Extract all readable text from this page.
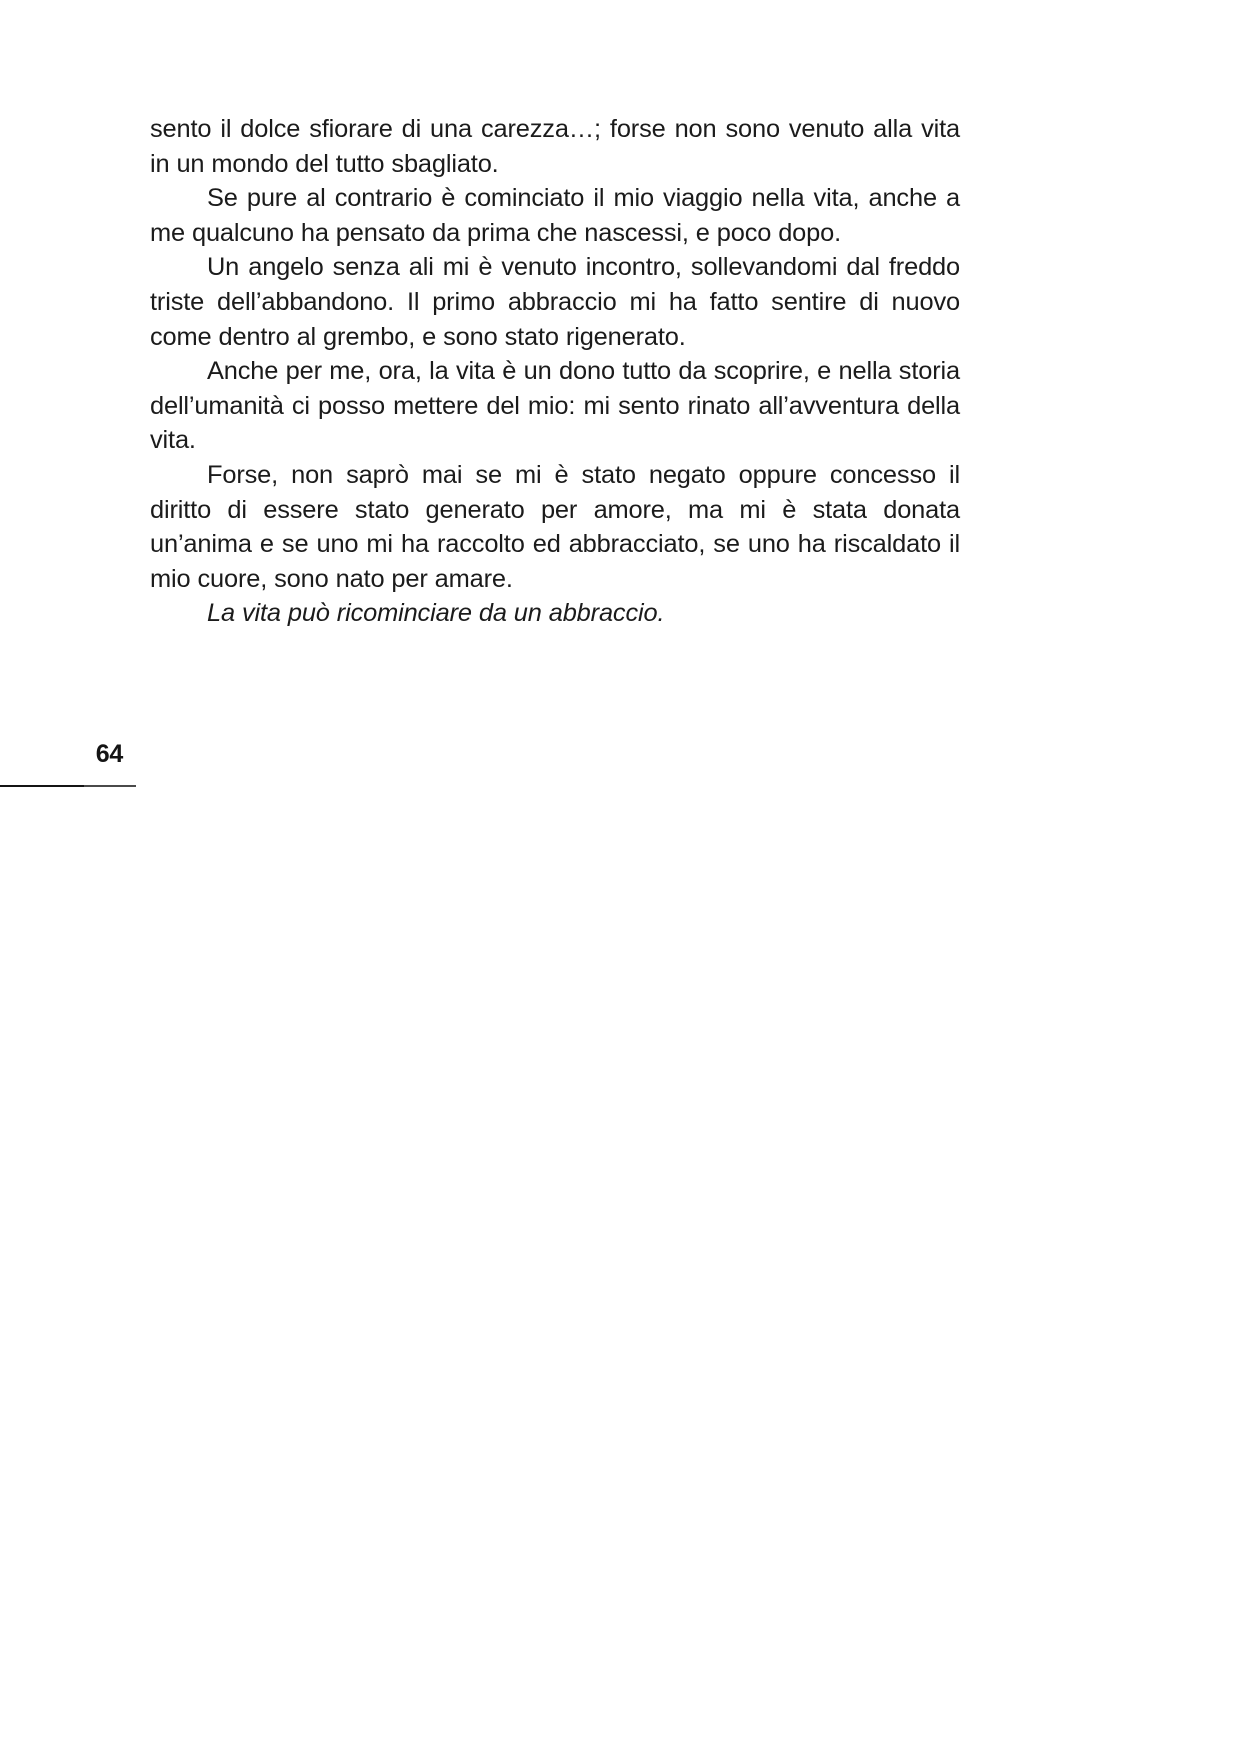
sento il dolce sfiorare di una carezza…; forse non sono venuto alla vita in un mondo del tutto sbagliato.

Se pure al contrario è cominciato il mio viaggio nella vita, anche a me qualcuno ha pensato da prima che nascessi, e poco dopo.

Un angelo senza ali mi è venuto incontro, sollevandomi dal freddo triste dell’abbandono. Il primo abbraccio mi ha fatto sentire di nuovo come dentro al grembo, e sono stato rigenerato.

Anche per me, ora, la vita è un dono tutto da scoprire, e nella storia dell’umanità ci posso mettere del mio: mi sento rinato all’avventura della vita.

Forse, non saprò mai se mi è stato negato oppure concesso il diritto di essere stato generato per amore, ma mi è stata donata un’anima e se uno mi ha raccolto ed abbracciato, se uno ha riscaldato il mio cuore, sono nato per amare.

La vita può ricominciare da un abbraccio.

64
